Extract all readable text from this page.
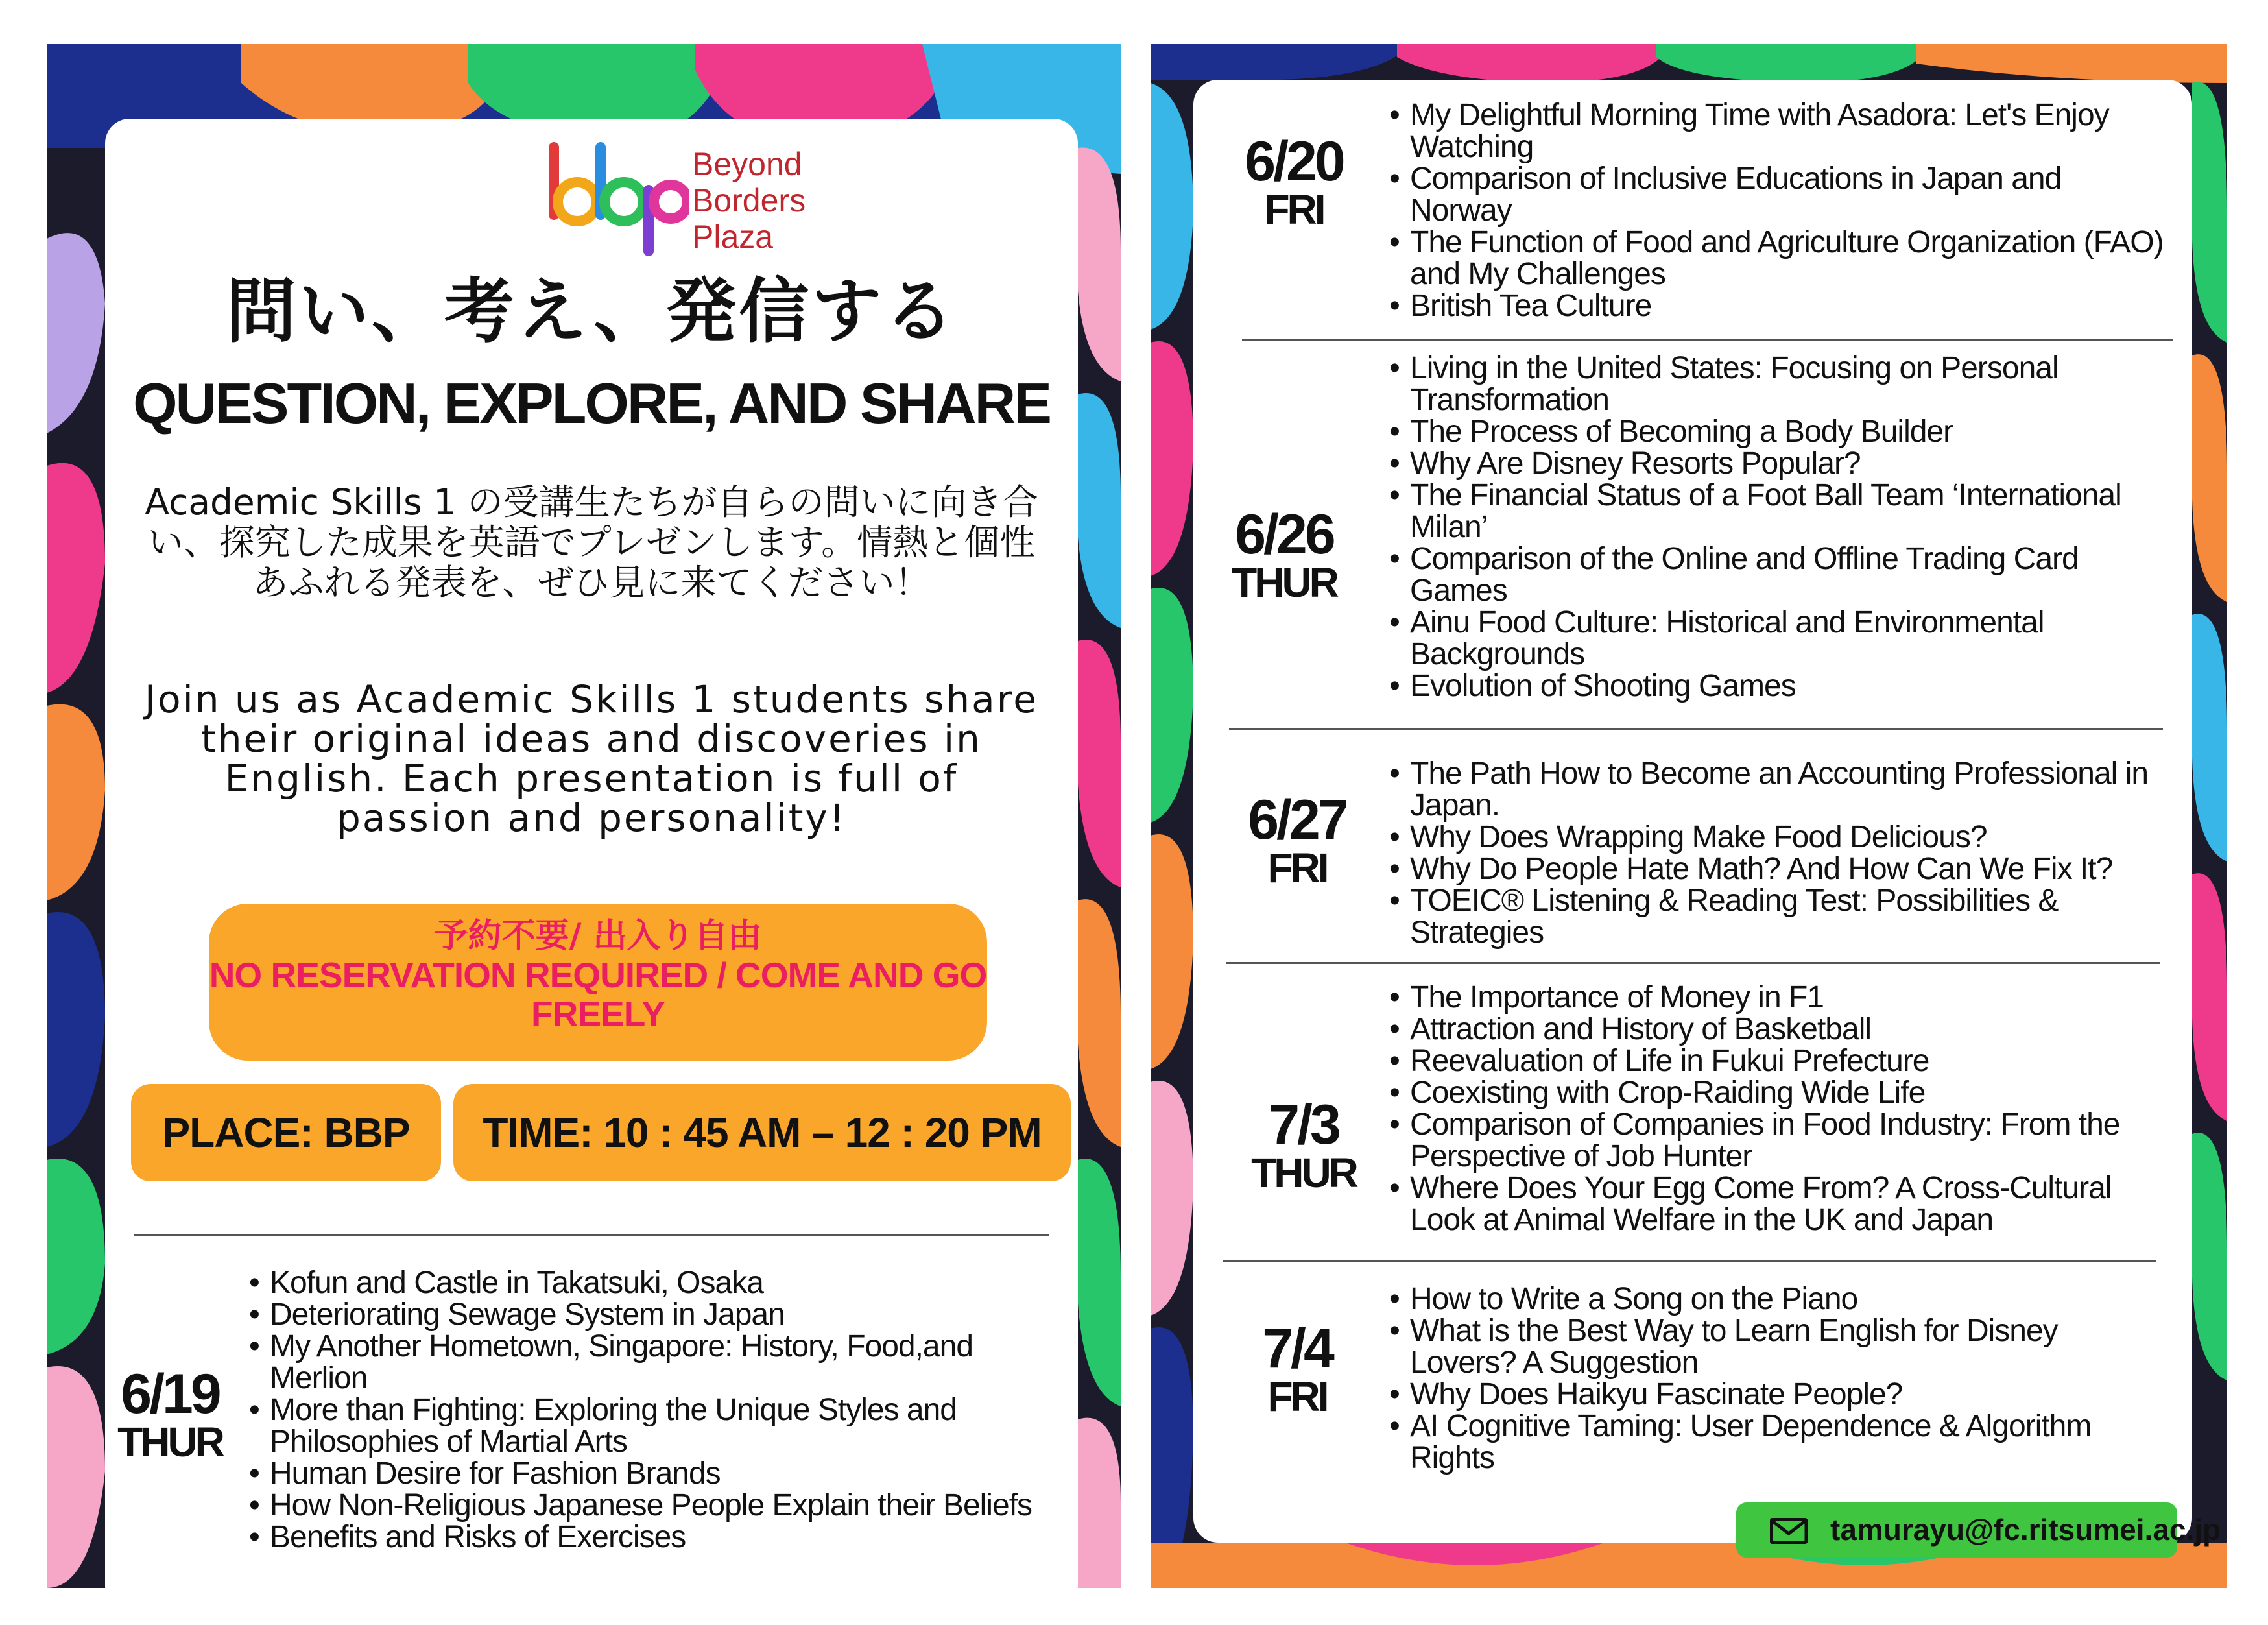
Beyond
Borders
Plaza
問い、考え、発信する
QUESTION, EXPLORE, AND SHARE
Academic Skills 1 の受講生たちが自らの問いに向き合い、探究した成果を英語でプレゼンします。情熱と個性あふれる発表を、ぜひ見に来てください！
Join us as Academic Skills 1 students share their original ideas and discoveries in English. Each presentation is full of passion and personality!
予約不要/ 出入り自由
NO RESERVATION REQUIRED / COME AND GO FREELY
PLACE: BBP	TIME: 10 : 45 AM – 12 : 20 PM
6/19
THUR
• Kofun and Castle in Takatsuki, Osaka
• Deteriorating Sewage System in Japan
• My Another Hometown, Singapore: History, Food,and Merlion
• More than Fighting: Exploring the Unique Styles and Philosophies of Martial Arts
• Human Desire for Fashion Brands
• How Non-Religious Japanese People Explain their Beliefs
• Benefits and Risks of Exercises
6/20
FRI
• My Delightful Morning Time with Asadora: Let's Enjoy Watching
• Comparison of Inclusive Educations in Japan and Norway
• The Function of Food and Agriculture Organization (FAO) and My Challenges
• British Tea Culture
6/26
THUR
• Living in the United States: Focusing on Personal Transformation
• The Process of Becoming a Body Builder
• Why Are Disney Resorts Popular?
• The Financial Status of a Foot Ball Team ‘International Milan’
• Comparison of the Online and Offline Trading Card Games
• Ainu Food Culture: Historical and Environmental Backgrounds
• Evolution of Shooting Games
6/27
FRI
• The Path How to Become an Accounting Professional in Japan.
• Why Does Wrapping Make Food Delicious?
• Why Do People Hate Math? And How Can We Fix It?
• TOEIC® Listening & Reading Test: Possibilities & Strategies
7/3
THUR
• The Importance of Money in F1
• Attraction and History of Basketball
• Reevaluation of Life in Fukui Prefecture
• Coexisting with Crop-Raiding Wide Life
• Comparison of Companies in Food Industry: From the Perspective of Job Hunter
• Where Does Your Egg Come From? A Cross-Cultural Look at Animal Welfare in the UK and Japan
7/4
FRI
• How to Write a Song on the Piano
• What is the Best Way to Learn English for Disney Lovers? A Suggestion
• Why Does Haikyu Fascinate People?
• AI Cognitive Taming: User Dependence & Algorithm Rights
tamurayu@fc.ritsumei.ac.jp
